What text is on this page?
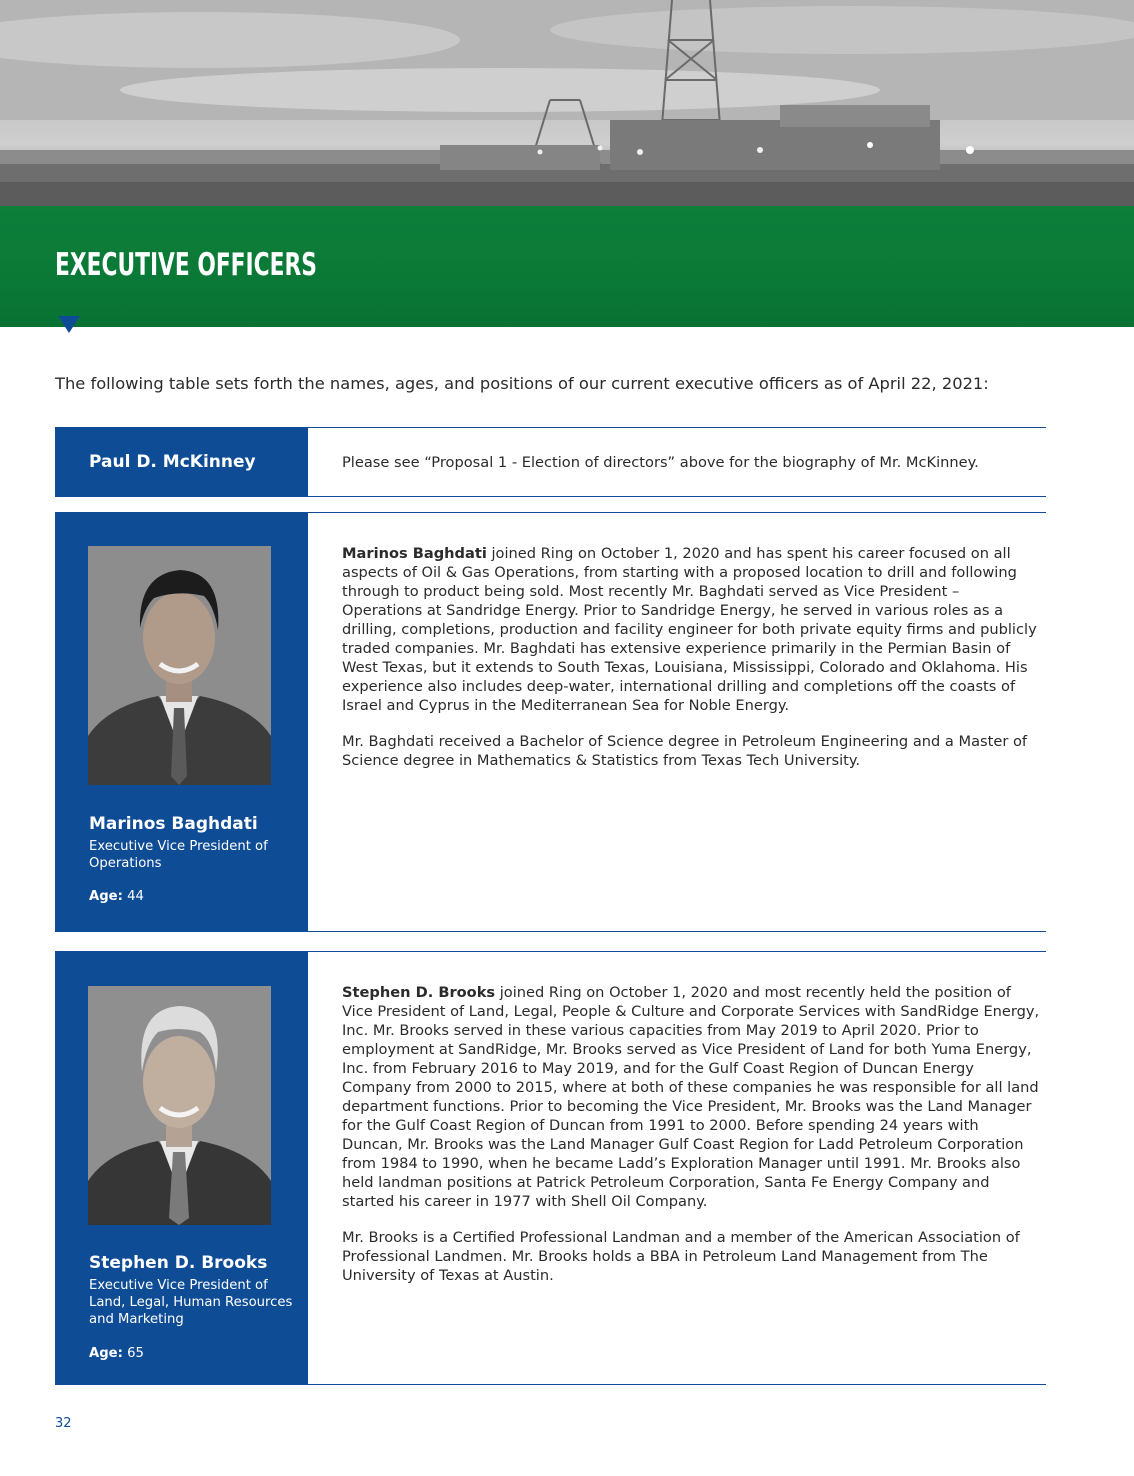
EXECUTIVE OFFICERS
The following table sets forth the names, ages, and positions of our current executive officers as of April 22, 2021:
Paul D. McKinney	Please see “Proposal 1 - Election of directors” above for the biography of Mr. McKinney.
Marinos Baghdati
Executive Vice President of Operations
Age: 44

Marinos Baghdati joined Ring on October 1, 2020 and has spent his career focused on all aspects of Oil & Gas Operations, from starting with a proposed location to drill and following through to product being sold. Most recently Mr. Baghdati served as Vice President – Operations at Sandridge Energy. Prior to Sandridge Energy, he served in various roles as a drilling, completions, production and facility engineer for both private equity firms and publicly traded companies. Mr. Baghdati has extensive experience primarily in the Permian Basin of West Texas, but it extends to South Texas, Louisiana, Mississippi, Colorado and Oklahoma. His experience also includes deep-water, international drilling and completions off the coasts of Israel and Cyprus in the Mediterranean Sea for Noble Energy.

Mr. Baghdati received a Bachelor of Science degree in Petroleum Engineering and a Master of Science degree in Mathematics & Statistics from Texas Tech University.

Stephen D. Brooks
Executive Vice President of Land, Legal, Human Resources and Marketing
Age: 65

Stephen D. Brooks joined Ring on October 1, 2020 and most recently held the position of Vice President of Land, Legal, People & Culture and Corporate Services with SandRidge Energy, Inc. Mr. Brooks served in these various capacities from May 2019 to April 2020. Prior to employment at SandRidge, Mr. Brooks served as Vice President of Land for both Yuma Energy, Inc. from February 2016 to May 2019, and for the Gulf Coast Region of Duncan Energy Company from 2000 to 2015, where at both of these companies he was responsible for all land department functions. Prior to becoming the Vice President, Mr. Brooks was the Land Manager for the Gulf Coast Region of Duncan from 1991 to 2000. Before spending 24 years with Duncan, Mr. Brooks was the Land Manager Gulf Coast Region for Ladd Petroleum Corporation from 1984 to 1990, when he became Ladd’s Exploration Manager until 1991. Mr. Brooks also held landman positions at Patrick Petroleum Corporation, Santa Fe Energy Company and started his career in 1977 with Shell Oil Company.

Mr. Brooks is a Certified Professional Landman and a member of the American Association of Professional Landmen. Mr. Brooks holds a BBA in Petroleum Land Management from The University of Texas at Austin.

32
